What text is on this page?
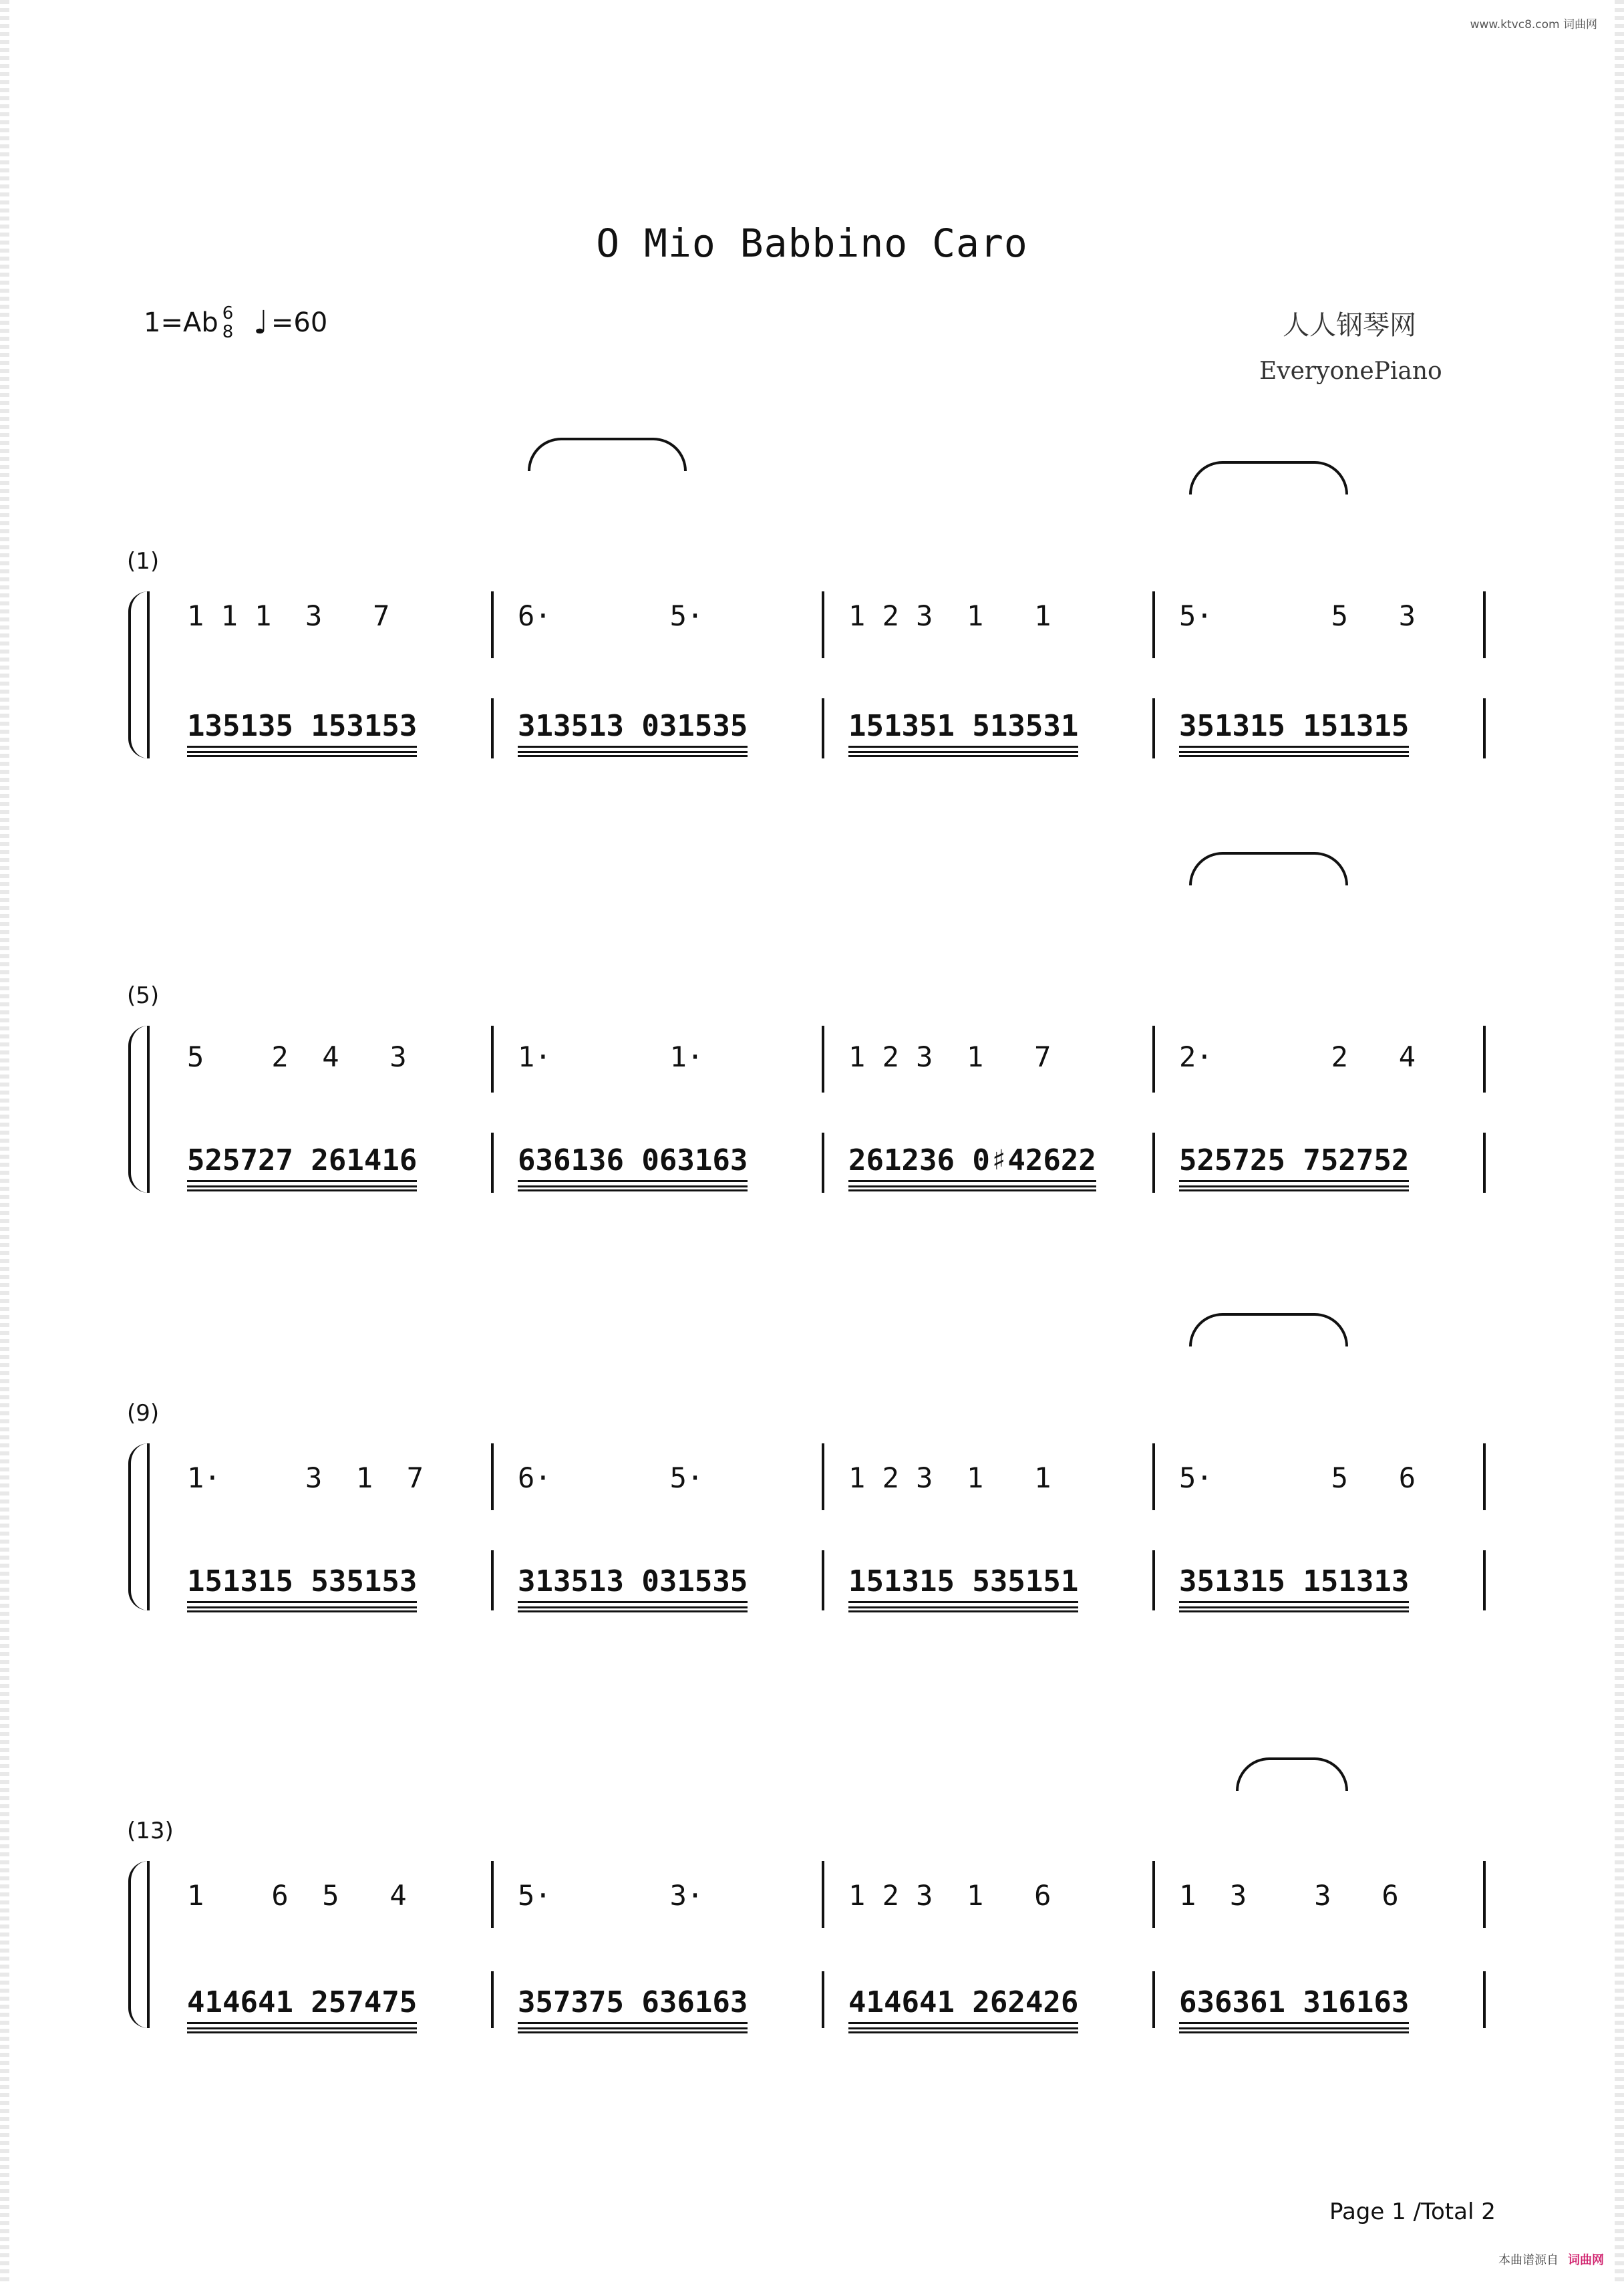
www.ktvc8.com 词曲网
O Mio Babbino Caro
1=Ab 6
8 ♩ =60	人人钢琴网
EveryonePiano
(1)
1 1 1  3   7	6·       5·	1 2 3  1   1	5·       5   3
135135 153153	313513 031535	151351 513531	351315 151315
(5)
5    2  4   3	1·       1·	1 2 3  1   7	2·       2   4
525727 261416	636136 063163	261236 0♯42622	525725 752752
(9)
1·     3  1  7	6·       5·	1 2 3  1   1	5·       5   6
151315 535153	313513 031535	151315 535151	351315 151313
(13)
1    6  5   4	5·       3·	1 2 3  1   6	1  3    3   6
414641 257475	357375 636163	414641 262426	636361 316163
Page 1 /Total 2
本曲谱源自 词曲网
